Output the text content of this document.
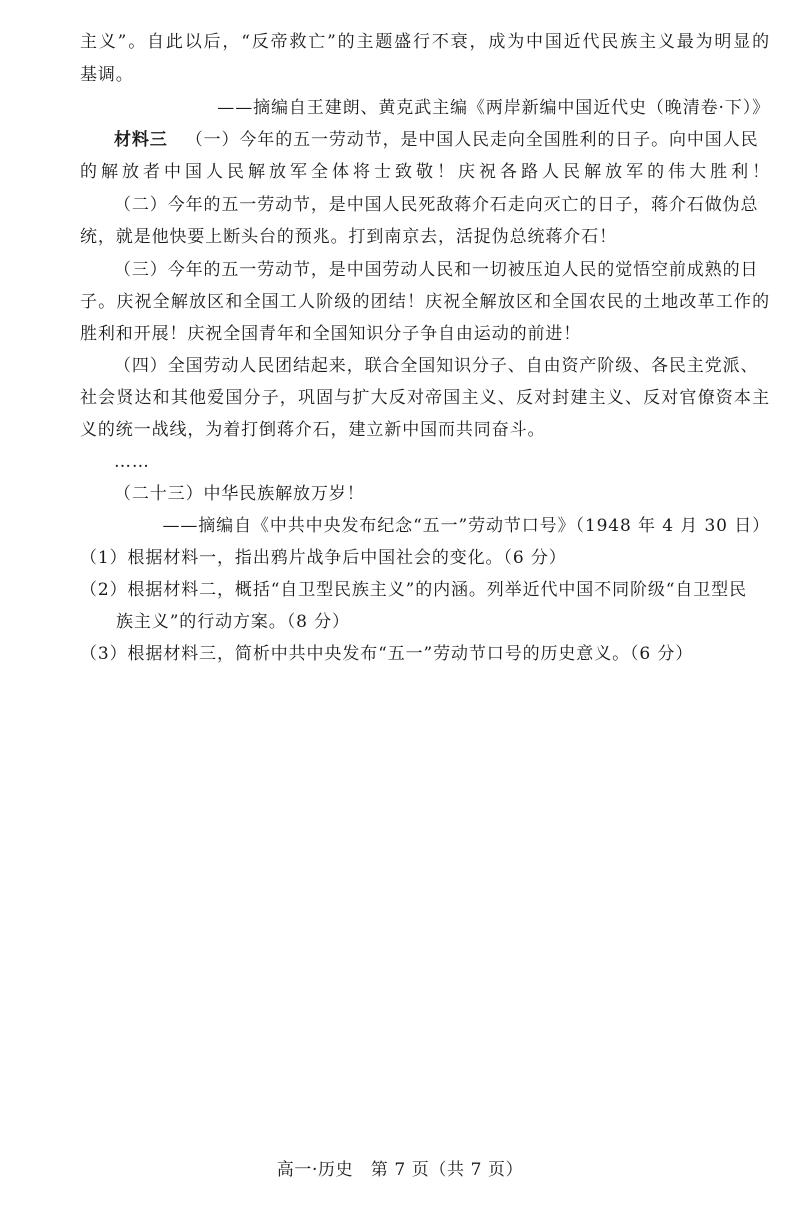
主义”。自此以后，“反帝救亡”的主题盛行不衰，成为中国近代民族主义最为明显的
基调。
——摘编自王建朗、黄克武主编《两岸新编中国近代史（晚清卷·下）》
材料三 （一）今年的五一劳动节，是中国人民走向全国胜利的日子。向中国人民
的解放者中国人民解放军全体将士致敬！庆祝各路人民解放军的伟大胜利！
（二）今年的五一劳动节，是中国人民死敌蒋介石走向灭亡的日子，蒋介石做伪总
统，就是他快要上断头台的预兆。打到南京去，活捉伪总统蒋介石！
（三）今年的五一劳动节，是中国劳动人民和一切被压迫人民的觉悟空前成熟的日
子。庆祝全解放区和全国工人阶级的团结！庆祝全解放区和全国农民的土地改革工作的
胜利和开展！庆祝全国青年和全国知识分子争自由运动的前进！
（四）全国劳动人民团结起来，联合全国知识分子、自由资产阶级、各民主党派、
社会贤达和其他爱国分子，巩固与扩大反对帝国主义、反对封建主义、反对官僚资本主
义的统一战线，为着打倒蒋介石，建立新中国而共同奋斗。
……
（二十三）中华民族解放万岁！
——摘编自《中共中央发布纪念“五一”劳动节口号》（1948 年 4 月 30 日）
（1）根据材料一，指出鸦片战争后中国社会的变化。（6 分）
（2）根据材料二，概括“自卫型民族主义”的内涵。列举近代中国不同阶级“自卫型民
族主义”的行动方案。（8 分）
（3）根据材料三，简析中共中央发布“五一”劳动节口号的历史意义。（6 分）
高一·历史　第 7 页（共 7 页）
